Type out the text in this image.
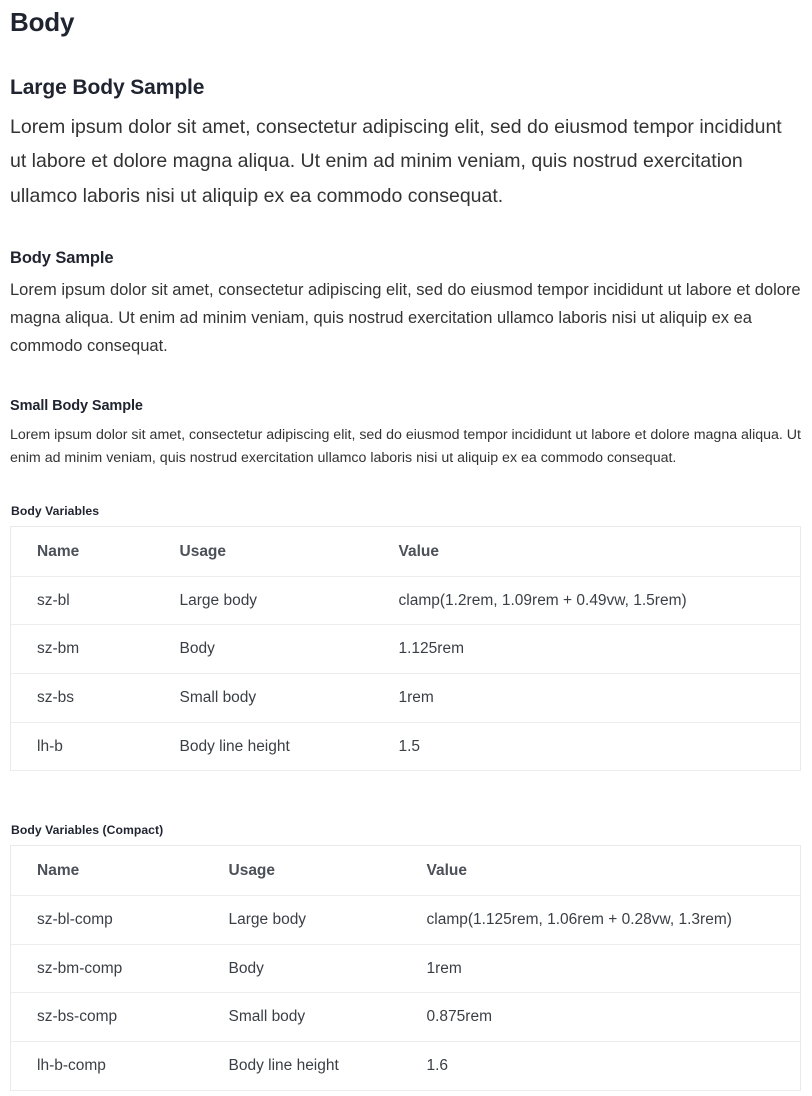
Body
Large Body Sample

Lorem ipsum dolor sit amet, consectetur adipiscing elit, sed do eiusmod tempor incididunt ut labore et dolore magna aliqua. Ut enim ad minim veniam, quis nostrud exercitation ullamco laboris nisi ut aliquip ex ea commodo consequat.

Body Sample

Lorem ipsum dolor sit amet, consectetur adipiscing elit, sed do eiusmod tempor incididunt ut labore et dolore magna aliqua. Ut enim ad minim veniam, quis nostrud exercitation ullamco laboris nisi ut aliquip ex ea commodo consequat.

Small Body Sample

Lorem ipsum dolor sit amet, consectetur adipiscing elit, sed do eiusmod tempor incididunt ut labore et dolore magna aliqua. Ut enim ad minim veniam, quis nostrud exercitation ullamco laboris nisi ut aliquip ex ea commodo consequat.

Body Variables
Name	Usage	Value
sz-bl	Large body	clamp(1.2rem, 1.09rem + 0.49vw, 1.5rem)
sz-bm	Body	1.125rem
sz-bs	Small body	1rem
lh-b	Body line height	1.5
Body Variables (Compact)
Name	Usage	Value
sz-bl-comp	Large body	clamp(1.125rem, 1.06rem + 0.28vw, 1.3rem)
sz-bm-comp	Body	1rem
sz-bs-comp	Small body	0.875rem
lh-b-comp	Body line height	1.6
